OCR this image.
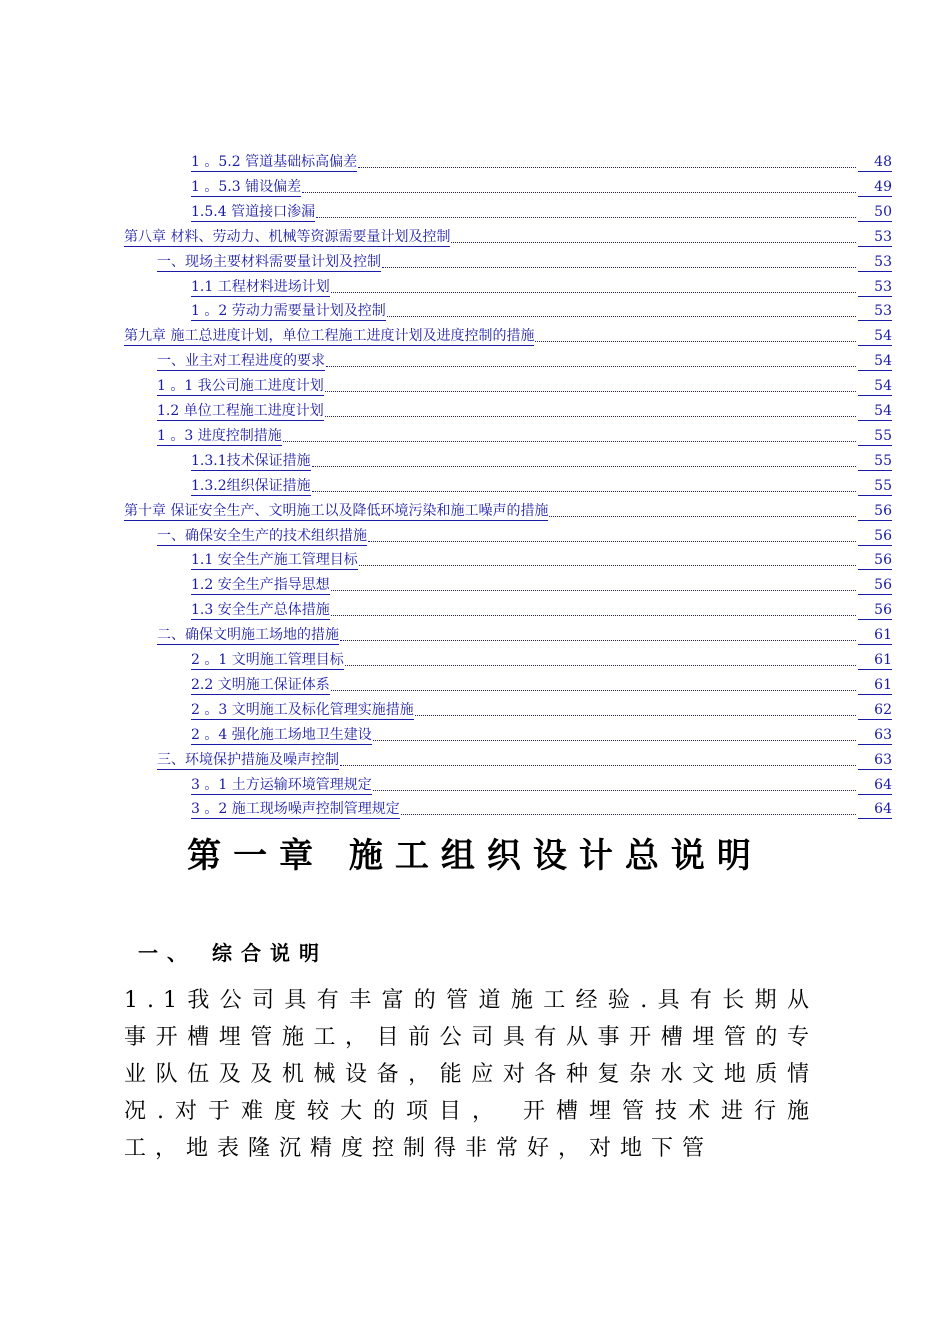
1 。5.2 管道基础标高偏差	48
1 。5.3 铺设偏差	49
1.5.4 管道接口渗漏	50
第八章 材料、劳动力、机械等资源需要量计划及控制	53
一、现场主要材料需要量计划及控制	53
1.1 工程材料进场计划	53
1 。2 劳动力需要量计划及控制	53
第九章 施工总进度计划，单位工程施工进度计划及进度控制的措施	54
一、业主对工程进度的要求	54
1 。1 我公司施工进度计划	54
1.2 单位工程施工进度计划	54
1 。3 进度控制措施	55
1.3.1技术保证措施	55
1.3.2组织保证措施	55
第十章 保证安全生产、文明施工以及降低环境污染和施工噪声的措施	56
一、确保安全生产的技术组织措施	56
1.1 安全生产施工管理目标	56
1.2 安全生产指导思想	56
1.3 安全生产总体措施	56
二、确保文明施工场地的措施	61
2 。1 文明施工管理目标	61
2.2 文明施工保证体系	61
2 。3 文明施工及标化管理实施措施	62
2 。4 强化施工场地卫生建设	63
三、环境保护措施及噪声控制	63
3 。1 土方运输环境管理规定	64
3 。2 施工现场噪声控制管理规定	64
第一章 施工组织设计总说明
一、 综合说明

1.1我公司具有丰富的管道施工经验.具有长期从事开槽埋管施工，目前公司具有从事开槽埋管的专业队伍及及机械设备，能应对各种复杂水文地质情况.对于难度较大的项目， 开槽埋管技术进行施工，地表隆沉精度控制得非常好，对地下管
